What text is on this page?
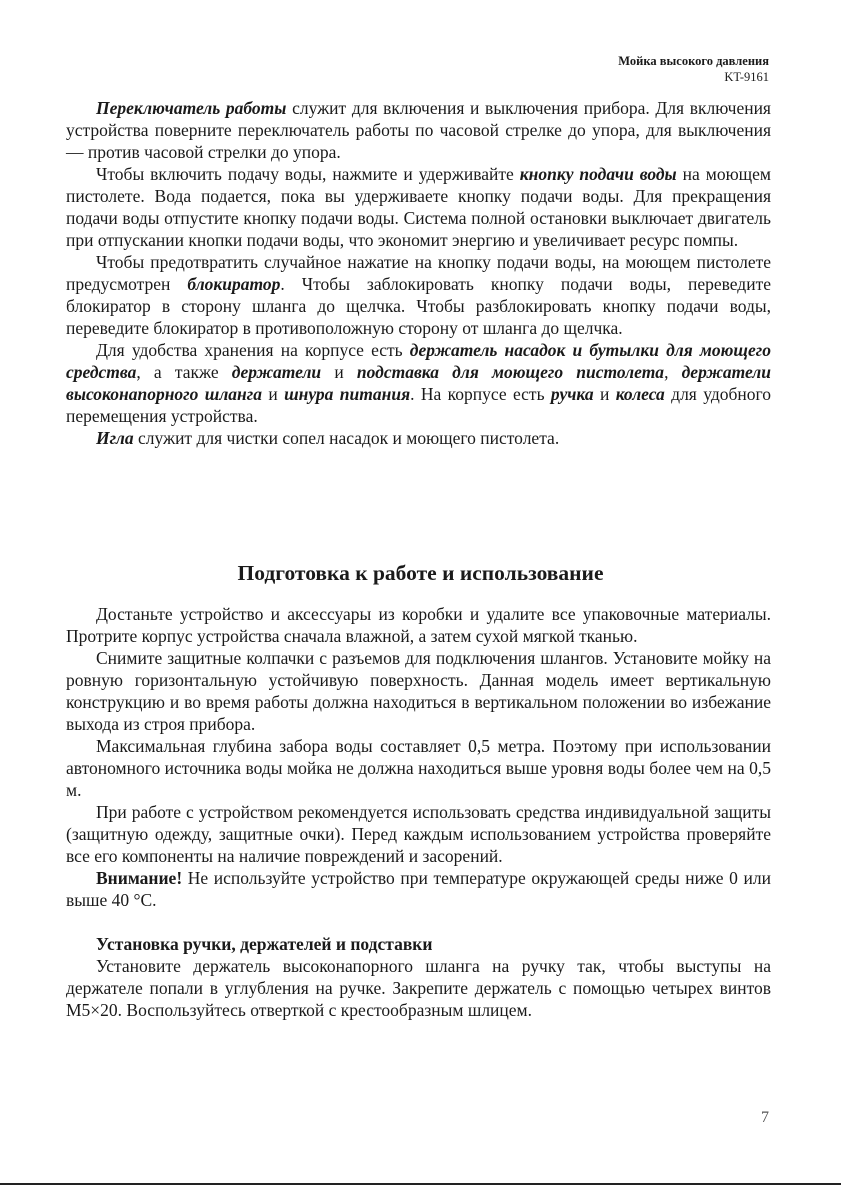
Мойка высокого давления
KT-9161

Переключатель работы служит для включения и выключения прибора. Для включения устройства поверните переключатель работы по часовой стрелке до упора, для выключения — против часовой стрелки до упора.

Чтобы включить подачу воды, нажмите и удерживайте кнопку подачи воды на моющем пистолете. Вода подается, пока вы удерживаете кнопку подачи воды. Для прекращения подачи воды отпустите кнопку подачи воды. Система полной остановки выключает двигатель при отпускании кнопки подачи воды, что экономит энергию и увеличивает ресурс помпы.

Чтобы предотвратить случайное нажатие на кнопку подачи воды, на моющем пистолете предусмотрен блокиратор. Чтобы заблокировать кнопку подачи воды, переведите блокиратор в сторону шланга до щелчка. Чтобы разблокировать кнопку подачи воды, переведите блокиратор в противоположную сторону от шланга до щелчка.

Для удобства хранения на корпусе есть держатель насадок и бутылки для моющего средства, а также держатели и подставка для моющего пистолета, держатели высоконапорного шланга и шнура питания. На корпусе есть ручка и колеса для удобного перемещения устройства.

Игла служит для чистки сопел насадок и моющего пистолета.

Подготовка к работе и использование

Достаньте устройство и аксессуары из коробки и удалите все упаковочные материалы. Протрите корпус устройства сначала влажной, а затем сухой мягкой тканью.

Снимите защитные колпачки с разъемов для подключения шлангов. Установите мойку на ровную горизонтальную устойчивую поверхность. Данная модель имеет вертикальную конструкцию и во время работы должна находиться в вертикальном положении во избежание выхода из строя прибора.

Максимальная глубина забора воды составляет 0,5 метра. Поэтому при использовании автономного источника воды мойка не должна находиться выше уровня воды более чем на 0,5 м.

При работе с устройством рекомендуется использовать средства индивидуальной защиты (защитную одежду, защитные очки). Перед каждым использованием устройства проверяйте все его компоненты на наличие повреждений и засорений.

Внимание! Не используйте устройство при температуре окружающей среды ниже 0 или выше 40 °С.

Установка ручки, держателей и подставки

Установите держатель высоконапорного шланга на ручку так, чтобы выступы на держателе попали в углубления на ручке. Закрепите держатель с помощью четырех винтов M5×20. Воспользуйтесь отверткой с крестообразным шлицем.

7
